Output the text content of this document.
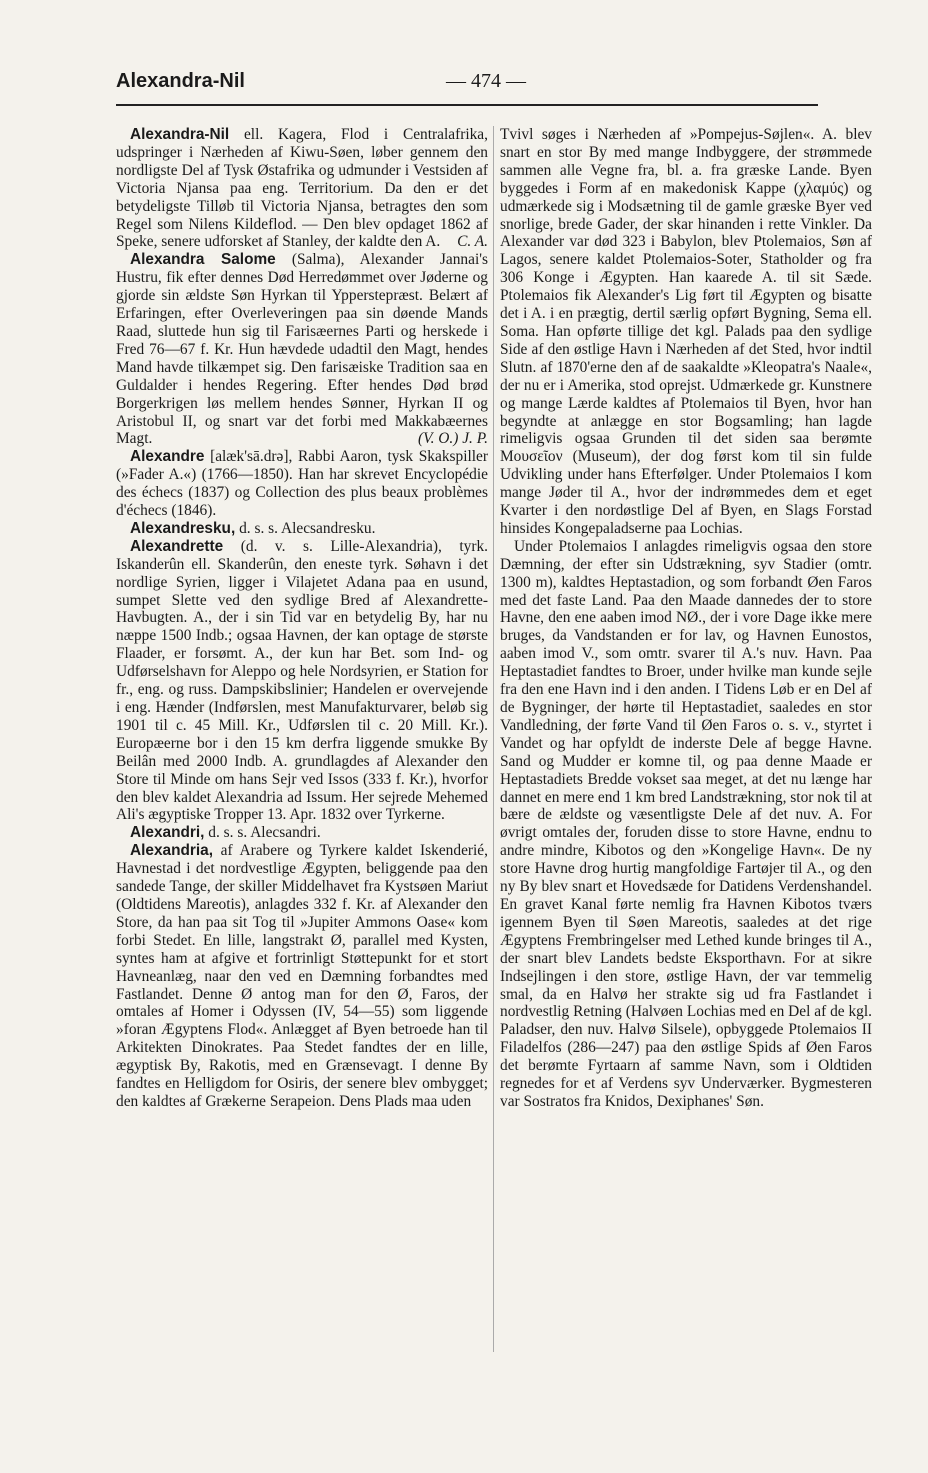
Alexandra-Nil	— 474 —

Alexandra-Nil ell. Kagera, Flod i Centralafrika, udspringer i Nærheden af Kiwu-Søen, løber gennem den nordligste Del af Tysk Østafrika og udmunder i Vestsiden af Victoria Njansa paa eng. Territorium. Da den er det betydeligste Tilløb til Victoria Njansa, betragtes den som Regel som Nilens Kildeflod. — Den blev opdaget 1862 af Speke, senere udforsket af Stanley, der kaldte den A.	C. A.

Alexandra Salome (Salma), Alexander Jannai's Hustru, fik efter dennes Død Herredømmet over Jøderne og gjorde sin ældste Søn Hyrkan til Ypperstepræst. Belært af Erfaringen, efter Overleveringen paa sin døende Mands Raad, sluttede hun sig til Farisæernes Parti og herskede i Fred 76—67 f. Kr. Hun hævdede udadtil den Magt, hendes Mand havde tilkæmpet sig. Den farisæiske Tradition saa en Guldalder i hendes Regering. Efter hendes Død brød Borgerkrigen løs mellem hendes Sønner, Hyrkan II og Aristobul II, og snart var det forbi med Makkabæernes Magt.	(V. O.) J. P.

Alexandre [alæk'sā.drə], Rabbi Aaron, tysk Skakspiller (»Fader A.«) (1766—1850). Han har skrevet Encyclopédie des échecs (1837) og Collection des plus beaux problèmes d'échecs (1846).

Alexandresku, d. s. s. Alecsandresku.

Alexandrette (d. v. s. Lille-Alexandria), tyrk. Iskanderûn ell. Skanderûn, den eneste tyrk. Søhavn i det nordlige Syrien, ligger i Vilajetet Adana paa en usund, sumpet Slette ved den sydlige Bred af Alexandrette-Havbugten. A., der i sin Tid var en betydelig By, har nu næppe 1500 Indb.; ogsaa Havnen, der kan optage de største Flaader, er forsømt. A., der kun har Bet. som Ind- og Udførselshavn for Aleppo og hele Nordsyrien, er Station for fr., eng. og russ. Dampskibslinier; Handelen er overvejende i eng. Hænder (Indførslen, mest Manufakturvarer, beløb sig 1901 til c. 45 Mill. Kr., Udførslen til c. 20 Mill. Kr.). Europæerne bor i den 15 km derfra liggende smukke By Beilân med 2000 Indb. A. grundlagdes af Alexander den Store til Minde om hans Sejr ved Issos (333 f. Kr.), hvorfor den blev kaldet Alexandria ad Issum. Her sejrede Mehemed Ali's ægyptiske Tropper 13. Apr. 1832 over Tyrkerne.

Alexandri, d. s. s. Alecsandri.

Alexandria, af Arabere og Tyrkere kaldet Iskenderié, Havnestad i det nordvestlige Ægypten, beliggende paa den sandede Tange, der skiller Middelhavet fra Kystsøen Mariut (Oldtidens Mareotis), anlagdes 332 f. Kr. af Alexander den Store, da han paa sit Tog til »Jupiter Ammons Oase« kom forbi Stedet. En lille, langstrakt Ø, parallel med Kysten, syntes ham at afgive et fortrinligt Støttepunkt for et stort Havneanlæg, naar den ved en Dæmning forbandtes med Fastlandet. Denne Ø antog man for den Ø, Faros, der omtales af Homer i Odyssen (IV, 54—55) som liggende »foran Ægyptens Flod«. Anlægget af Byen betroede han til Arkitekten Dinokrates. Paa Stedet fandtes der en lille, ægyptisk By, Rakotis, med en Grænsevagt. I denne By fandtes en Helligdom for Osiris, der senere blev ombygget; den kaldtes af Grækerne Serapeion. Dens Plads maa uden

Tvivl søges i Nærheden af »Pompejus-Søjlen«. A. blev snart en stor By med mange Indbyggere, der strømmede sammen alle Vegne fra, bl. a. fra græske Lande. Byen byggedes i Form af en makedonisk Kappe (χλαμύς) og udmærkede sig i Modsætning til de gamle græske Byer ved snorlige, brede Gader, der skar hinanden i rette Vinkler. Da Alexander var død 323 i Babylon, blev Ptolemaios, Søn af Lagos, senere kaldet Ptolemaios-Soter, Statholder og fra 306 Konge i Ægypten. Han kaarede A. til sit Sæde. Ptolemaios fik Alexander's Lig ført til Ægypten og bisatte det i A. i en prægtig, dertil særlig opført Bygning, Sema ell. Soma. Han opførte tillige det kgl. Palads paa den sydlige Side af den østlige Havn i Nærheden af det Sted, hvor indtil Slutn. af 1870'erne den af de saakaldte »Kleopatra's Naale«, der nu er i Amerika, stod oprejst. Udmærkede gr. Kunstnere og mange Lærde kaldtes af Ptolemaios til Byen, hvor han begyndte at anlægge en stor Bogsamling; han lagde rimeligvis ogsaa Grunden til det siden saa berømte Μουσεῖον (Museum), der dog først kom til sin fulde Udvikling under hans Efterfølger. Under Ptolemaios I kom mange Jøder til A., hvor der indrømmedes dem et eget Kvarter i den nordøstlige Del af Byen, en Slags Forstad hinsides Kongepaladserne paa Lochias.

Under Ptolemaios I anlagdes rimeligvis ogsaa den store Dæmning, der efter sin Udstrækning, syv Stadier (omtr. 1300 m), kaldtes Heptastadion, og som forbandt Øen Faros med det faste Land. Paa den Maade dannedes der to store Havne, den ene aaben imod NØ., der i vore Dage ikke mere bruges, da Vandstanden er for lav, og Havnen Eunostos, aaben imod V., som omtr. svarer til A.'s nuv. Havn. Paa Heptastadiet fandtes to Broer, under hvilke man kunde sejle fra den ene Havn ind i den anden. I Tidens Løb er en Del af de Bygninger, der hørte til Heptastadiet, saaledes en stor Vandledning, der førte Vand til Øen Faros o. s. v., styrtet i Vandet og har opfyldt de inderste Dele af begge Havne. Sand og Mudder er komne til, og paa denne Maade er Heptastadiets Bredde vokset saa meget, at det nu længe har dannet en mere end 1 km bred Landstrækning, stor nok til at bære de ældste og væsentligste Dele af det nuv. A. For øvrigt omtales der, foruden disse to store Havne, endnu to andre mindre, Kibotos og den »Kongelige Havn«. De ny store Havne drog hurtig mangfoldige Fartøjer til A., og den ny By blev snart et Hovedsæde for Datidens Verdenshandel. En gravet Kanal førte nemlig fra Havnen Kibotos tværs igennem Byen til Søen Mareotis, saaledes at det rige Ægyptens Frembringelser med Lethed kunde bringes til A., der snart blev Landets bedste Eksporthavn. For at sikre Indsejlingen i den store, østlige Havn, der var temmelig smal, da en Halvø her strakte sig ud fra Fastlandet i nordvestlig Retning (Halvøen Lochias med en Del af de kgl. Paladser, den nuv. Halvø Silsele), opbyggede Ptolemaios II Filadelfos (286—247) paa den østlige Spids af Øen Faros det berømte Fyrtaarn af samme Navn, som i Oldtiden regnedes for et af Verdens syv Underværker. Bygmesteren var Sostratos fra Knidos, Dexiphanes' Søn.
